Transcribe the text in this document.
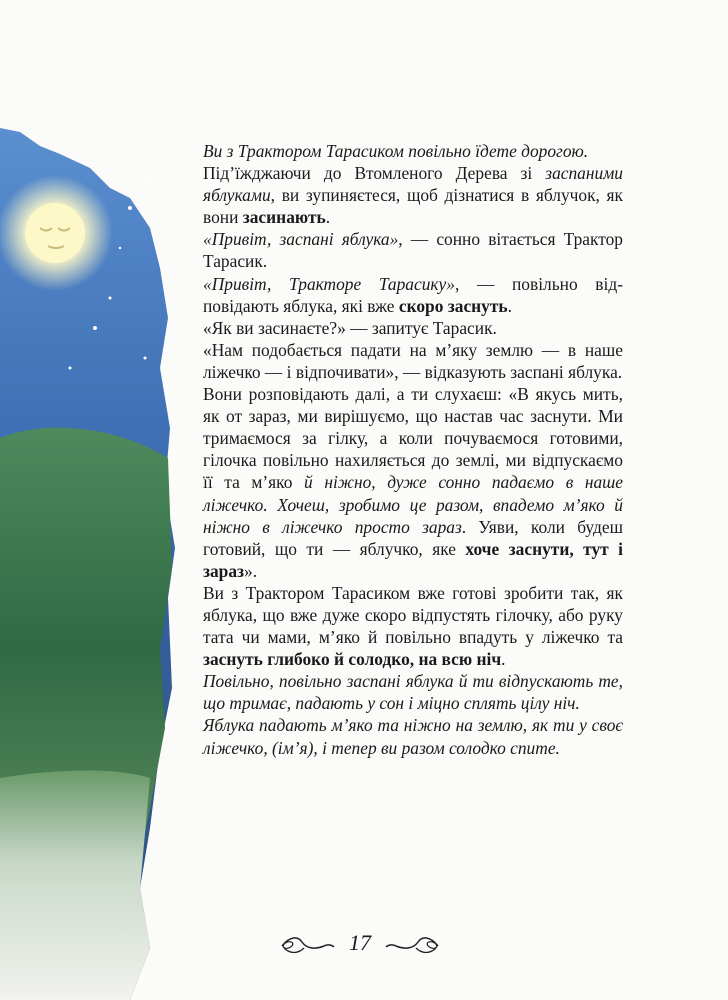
Ви з Трактором Тарасиком повільно їдете дорогою.

Під’їжджаючи до Втомленого Дерева зі заспаними яблуками, ви зупиняєтеся, щоб дізнатися в яблучок, як вони засинають.

«Привіт, заспані яблука», — сонно вітається Трактор Тарасик.

«Привіт, Тракторе Тарасику», — повільно відповідають яблука, які вже скоро заснуть.

«Як ви засинаєте?» — запитує Тарасик.

«Нам подобається падати на м’яку землю — в наше ліжечко — і відпочивати», — відказують заспані яблука.

Вони розповідають далі, а ти слухаєш: «В якусь мить, як от зараз, ми вирішуємо, що настав час заснути. Ми тримаємося за гілку, а коли почуваємося готовими, гілочка повільно нахиляється до землі, ми відпускаємо її та м’яко й ніжно, дуже сонно падаємо в наше ліжечко. Хочеш, зробимо це разом, впадемо м’яко й ніжно в ліжечко просто зараз. Уяви, коли будеш готовий, що ти — яблучко, яке хоче заснути, тут і зараз».

Ви з Трактором Тарасиком вже готові зробити так, як яблука, що вже дуже скоро відпустять гілочку, або руку тата чи мами, м’яко й повільно впадуть у ліжечко та заснуть глибоко й солодко, на всю ніч.

Повільно, повільно заспані яблука й ти відпускають те, що тримає, падають у сон і міцно сплять цілу ніч.

Яблука падають м’яко та ніжно на землю, як ти у своє ліжечко, (ім’я), і тепер ви разом солодко спите.

17
